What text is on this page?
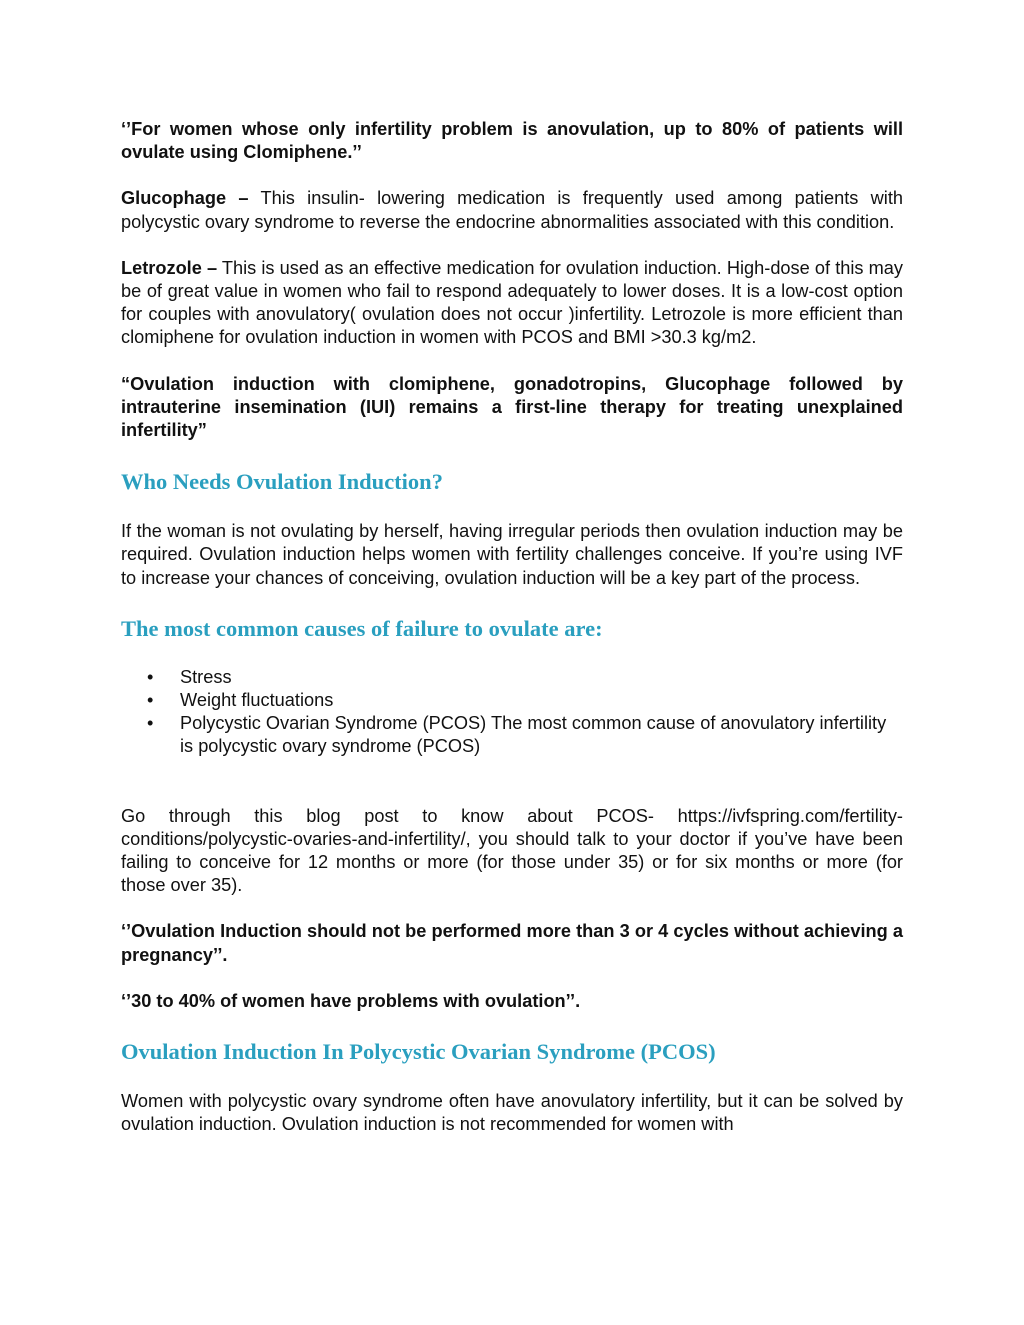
‘’For women whose only infertility problem is anovulation, up to 80% of patients will ovulate using Clomiphene.’’

Glucophage – This insulin- lowering medication is frequently used among patients with polycystic ovary syndrome to reverse the endocrine abnormalities associated with this condition.

Letrozole – This is used as an effective medication for ovulation induction. High-dose of this may be of great value in women who fail to respond adequately to lower doses. It is a low-cost option for couples with anovulatory( ovulation does not occur )infertility. Letrozole is more efficient than clomiphene for ovulation induction in women with PCOS and BMI >30.3 kg/m2.

“Ovulation induction with clomiphene, gonadotropins, Glucophage followed by intrauterine insemination (IUI) remains a first-line therapy for treating unexplained infertility”

Who Needs Ovulation Induction?

If the woman is not ovulating by herself, having irregular periods then ovulation induction may be required. Ovulation induction helps women with fertility challenges conceive. If you’re using IVF to increase your chances of conceiving, ovulation induction will be a key part of the process.

The most common causes of failure to ovulate are:
• Stress
• Weight fluctuations
• Polycystic Ovarian Syndrome (PCOS) The most common cause of anovulatory infertility is polycystic ovary syndrome (PCOS)

Go through this blog post to know about PCOS- https://ivfspring.com/fertility-conditions/polycystic-ovaries-and-infertility/, you should talk to your doctor if you’ve have been failing to conceive for 12 months or more (for those under 35) or for six months or more (for those over 35).

‘’Ovulation Induction should not be performed more than 3 or 4 cycles without achieving a pregnancy’’.

‘’30 to 40% of women have problems with ovulation’’.

Ovulation Induction In Polycystic Ovarian Syndrome (PCOS)

Women with polycystic ovary syndrome often have anovulatory infertility, but it can be solved by ovulation induction. Ovulation induction is not recommended for women with
